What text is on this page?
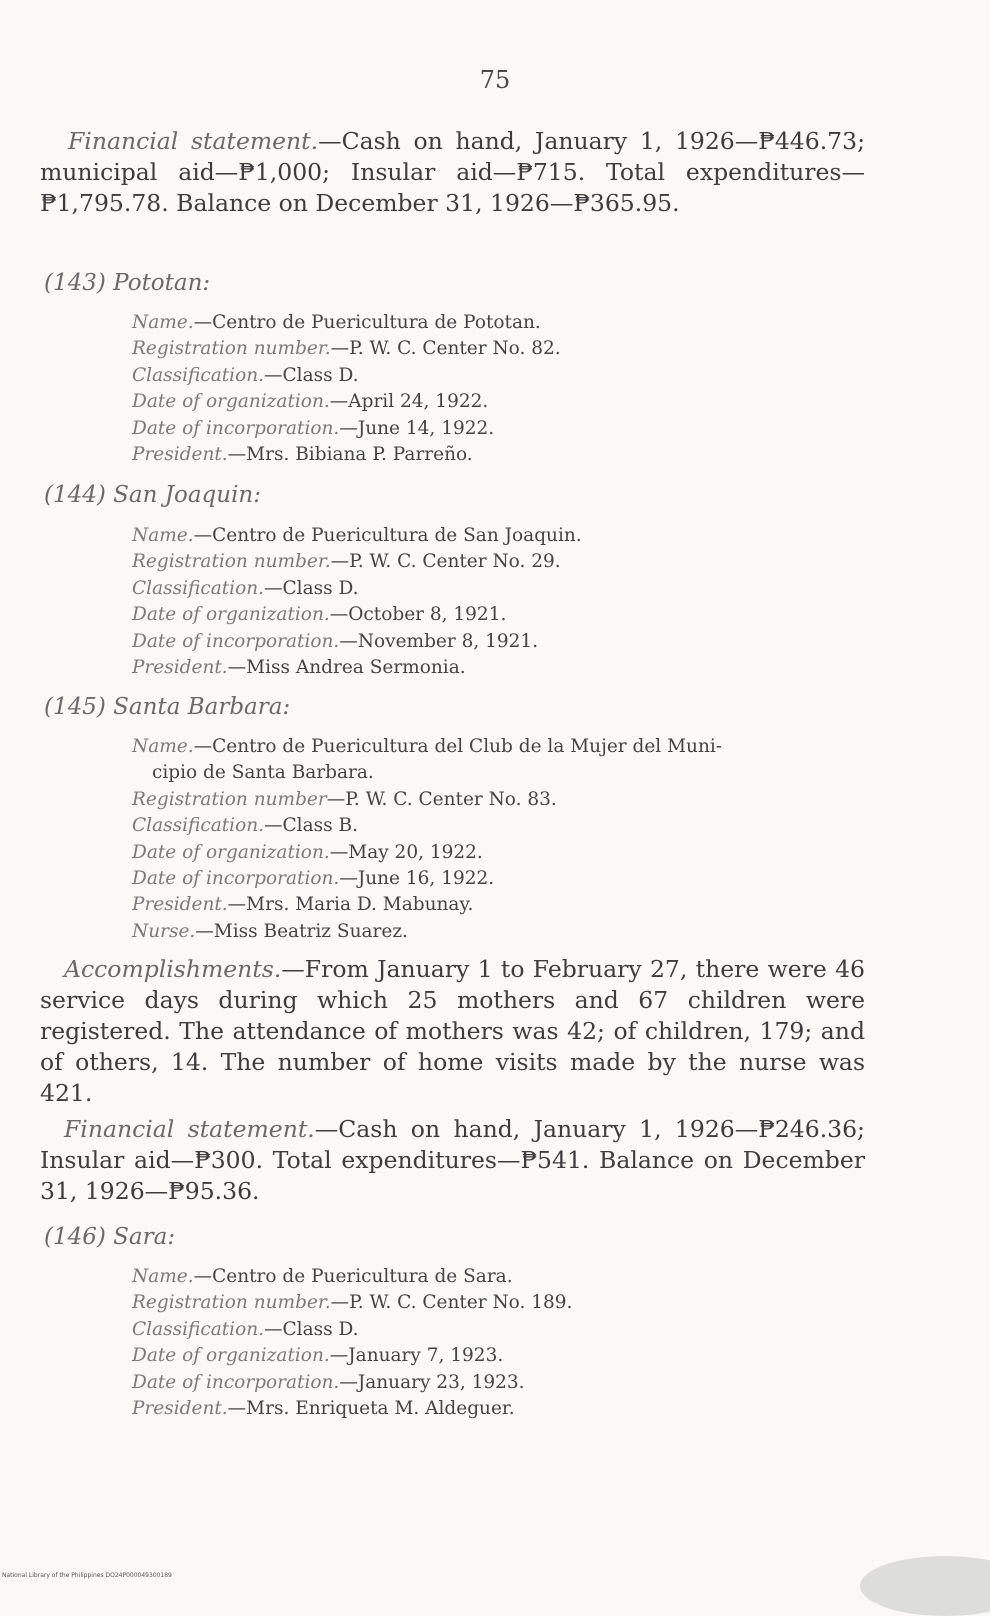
75
Financial statement.—Cash on hand, January 1, 1926—₱446.73; municipal aid—₱1,000; Insular aid—₱715. Total expenditures—₱1,795.78. Balance on December 31, 1926—₱365.95.
(143) Pototan:
Name.—Centro de Puericultura de Pototan.
Registration number.—P. W. C. Center No. 82.
Classification.—Class D.
Date of organization.—April 24, 1922.
Date of incorporation.—June 14, 1922.
President.—Mrs. Bibiana P. Parreño.
(144) San Joaquin:
Name.—Centro de Puericultura de San Joaquin.
Registration number.—P. W. C. Center No. 29.
Classification.—Class D.
Date of organization.—October 8, 1921.
Date of incorporation.—November 8, 1921.
President.—Miss Andrea Sermonia.
(145) Santa Barbara:
Name.—Centro de Puericultura del Club de la Mujer del Muni-
cipio de Santa Barbara.
Registration number—P. W. C. Center No. 83.
Classification.—Class B.
Date of organization.—May 20, 1922.
Date of incorporation.—June 16, 1922.
President.—Mrs. Maria D. Mabunay.
Nurse.—Miss Beatriz Suarez.
Accomplishments.—From January 1 to February 27, there were 46 service days during which 25 mothers and 67 children were registered. The attendance of mothers was 42; of children, 179; and of others, 14. The number of home visits made by the nurse was 421.
Financial statement.—Cash on hand, January 1, 1926—₱246.36; Insular aid—₱300. Total expenditures—₱541. Balance on December 31, 1926—₱95.36.
(146) Sara:
Name.—Centro de Puericultura de Sara.
Registration number.—P. W. C. Center No. 189.
Classification.—Class D.
Date of organization.—January 7, 1923.
Date of incorporation.—January 23, 1923.
President.—Mrs. Enriqueta M. Aldeguer.
National Library of the Philippines DO24P000049300189
